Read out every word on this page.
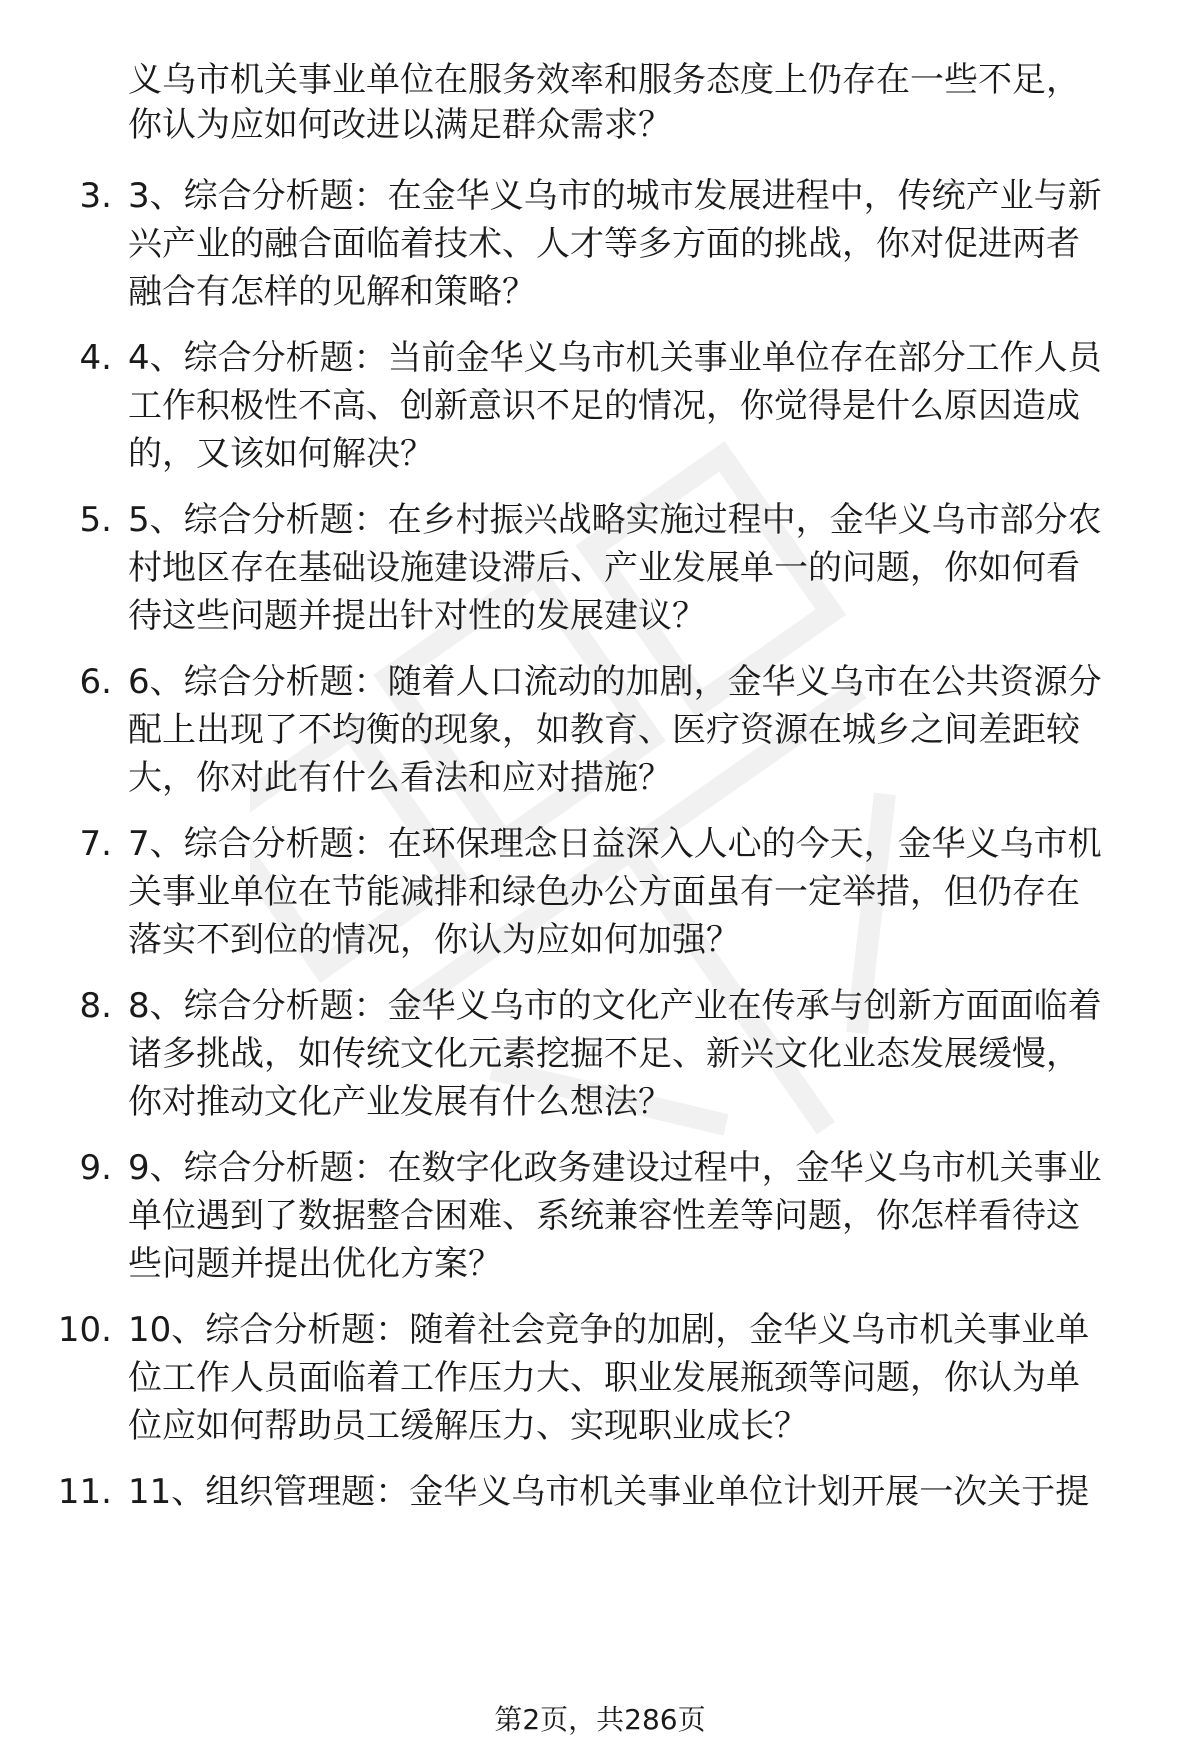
义乌市机关事业单位在服务效率和服务态度上仍存在一些不足，
你认为应如何改进以满足群众需求？
3. 3、综合分析题：在金华义乌市的城市发展进程中，传统产业与新
兴产业的融合面临着技术、人才等多方面的挑战，你对促进两者
融合有怎样的见解和策略？
4. 4、综合分析题：当前金华义乌市机关事业单位存在部分工作人员
工作积极性不高、创新意识不足的情况，你觉得是什么原因造成
的，又该如何解决？
5. 5、综合分析题：在乡村振兴战略实施过程中，金华义乌市部分农
村地区存在基础设施建设滞后、产业发展单一的问题，你如何看
待这些问题并提出针对性的发展建议？
6. 6、综合分析题：随着人口流动的加剧，金华义乌市在公共资源分
配上出现了不均衡的现象，如教育、医疗资源在城乡之间差距较
大，你对此有什么看法和应对措施？
7. 7、综合分析题：在环保理念日益深入人心的今天，金华义乌市机
关事业单位在节能减排和绿色办公方面虽有一定举措，但仍存在
落实不到位的情况，你认为应如何加强？
8. 8、综合分析题：金华义乌市的文化产业在传承与创新方面面临着
诸多挑战，如传统文化元素挖掘不足、新兴文化业态发展缓慢，
你对推动文化产业发展有什么想法？
9. 9、综合分析题：在数字化政务建设过程中，金华义乌市机关事业
单位遇到了数据整合困难、系统兼容性差等问题，你怎样看待这
些问题并提出优化方案？
10. 10、综合分析题：随着社会竞争的加剧，金华义乌市机关事业单
位工作人员面临着工作压力大、职业发展瓶颈等问题，你认为单
位应如何帮助员工缓解压力、实现职业成长？
11. 11、组织管理题：金华义乌市机关事业单位计划开展一次关于提
第2页，共286页
